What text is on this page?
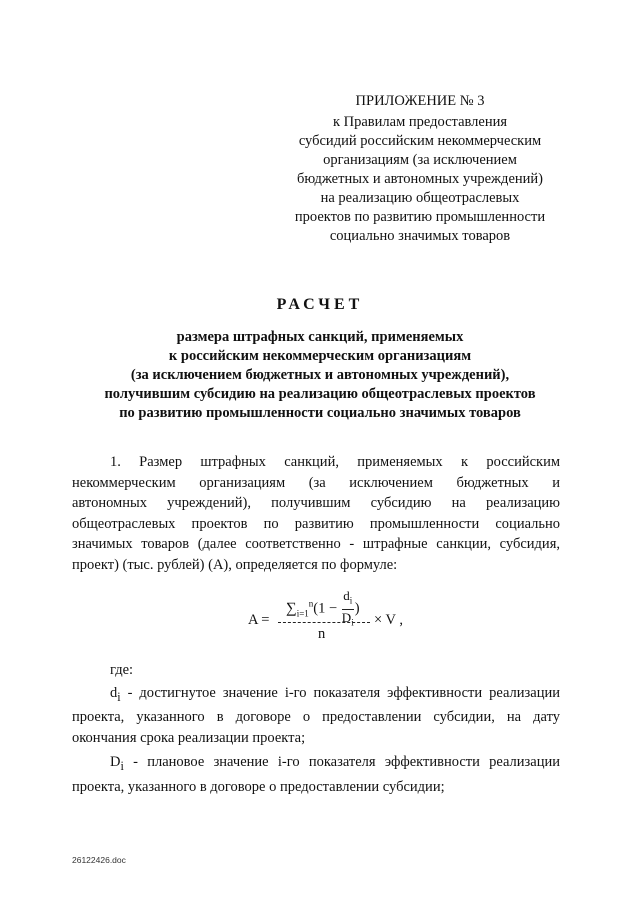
ПРИЛОЖЕНИЕ № 3
к Правилам предоставления
субсидий российским некоммерческим
организациям (за исключением
бюджетных и автономных учреждений)
на реализацию общеотраслевых
проектов по развитию промышленности
социально значимых товаров
РАСЧЕТ
размера штрафных санкций, применяемых
к российским некоммерческим организациям
(за исключением бюджетных и автономных учреждений),
получившим субсидию на реализацию общеотраслевых проектов
по развитию промышленности социально значимых товаров
1. Размер штрафных санкций, применяемых к российским
некоммерческим организациям (за исключением бюджетных и
автономных учреждений), получившим субсидию на реализацию
общеотраслевых проектов по развитию промышленности социально
значимых товаров (далее соответственно - штрафные санкции, субсидия,
проект) (тыс. рублей) (А), определяется по формуле:
A =
$\sum_{i=1}^n(1 - \frac{d_i}{D_i}$ )
n
× V ,
где:
$d_i$ - достигнутое значение i-го показателя эффективности реализации
проекта, указанного в договоре о предоставлении субсидии, на дату
окончания срока реализации проекта;
$D_i$ - плановое значение i-го показателя эффективности реализации
проекта, указанного в договоре о предоставлении субсидии;
26122426.doc
